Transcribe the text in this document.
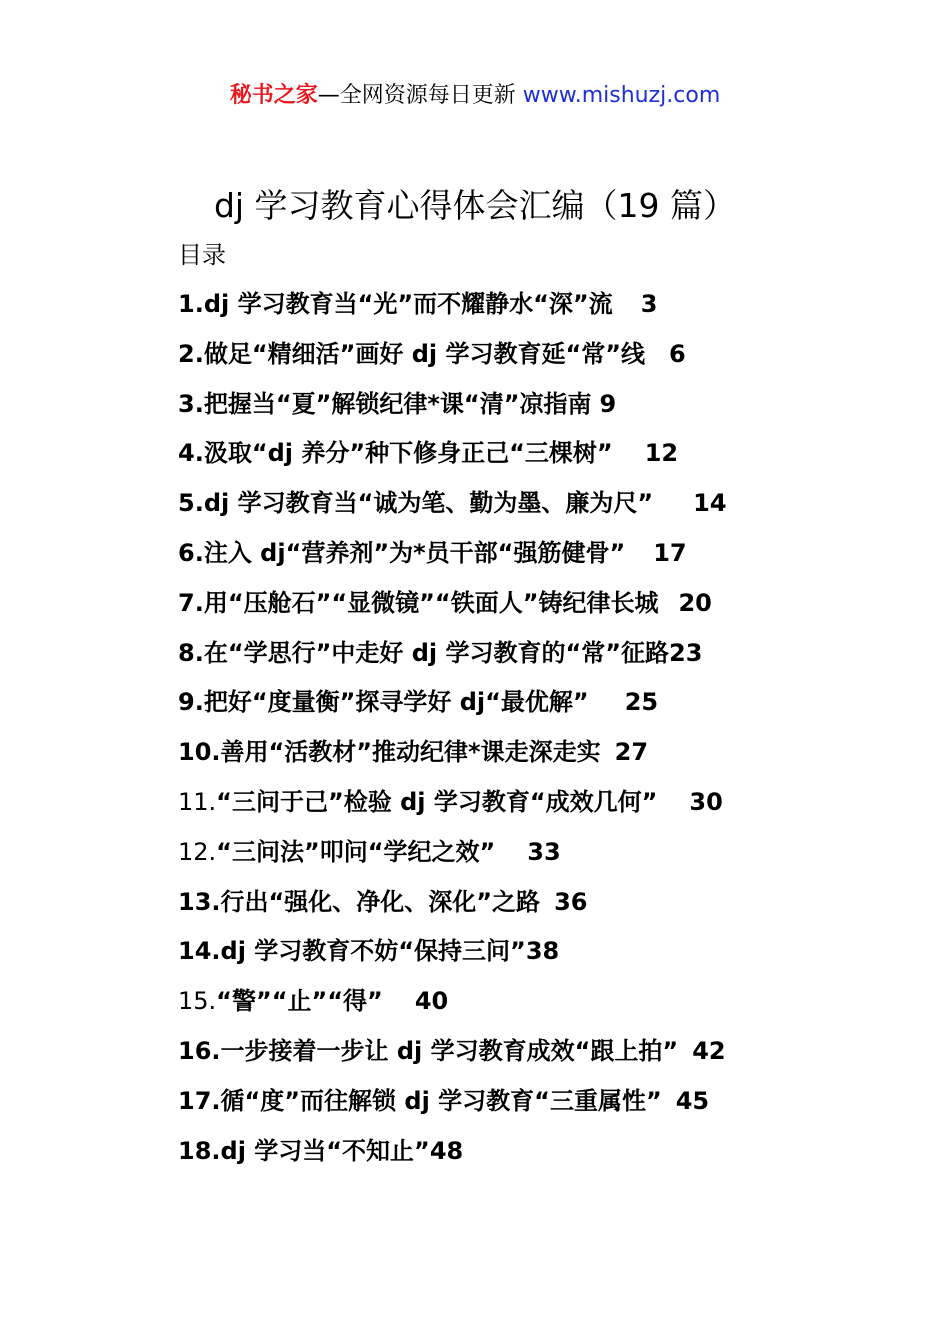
秘书之家—全网资源每日更新 www.mishuzj.com
dj 学习教育心得体会汇编（19 篇）
目录
1.dj 学习教育当“光”而不耀静水“深”流 3
2.做足“精细活”画好 dj 学习教育延“常”线 6
3.把握当“夏”解锁纪律*课“清”凉指南 9
4.汲取“dj 养分”种下修身正己“三棵树” 12
5.dj 学习教育当“诚为笔、勤为墨、廉为尺” 14
6.注入 dj“营养剂”为*员干部“强筋健骨” 17
7.用“压舱石”“显微镜”“铁面人”铸纪律长城 20
8.在“学思行”中走好 dj 学习教育的“常”征路23
9.把好“度量衡”探寻学好 dj“最优解” 25
10.善用“活教材”推动纪律*课走深走实 27
11.“三问于己”检验 dj 学习教育“成效几何” 30
12.“三问法”叩问“学纪之效” 33
13.行出“强化、净化、深化”之路 36
14.dj 学习教育不妨“保持三问”38
15.“警”“止”“得” 40
16.一步接着一步让 dj 学习教育成效“跟上拍” 42
17.循“度”而往解锁 dj 学习教育“三重属性” 45
18.dj 学习当“不知止”48
